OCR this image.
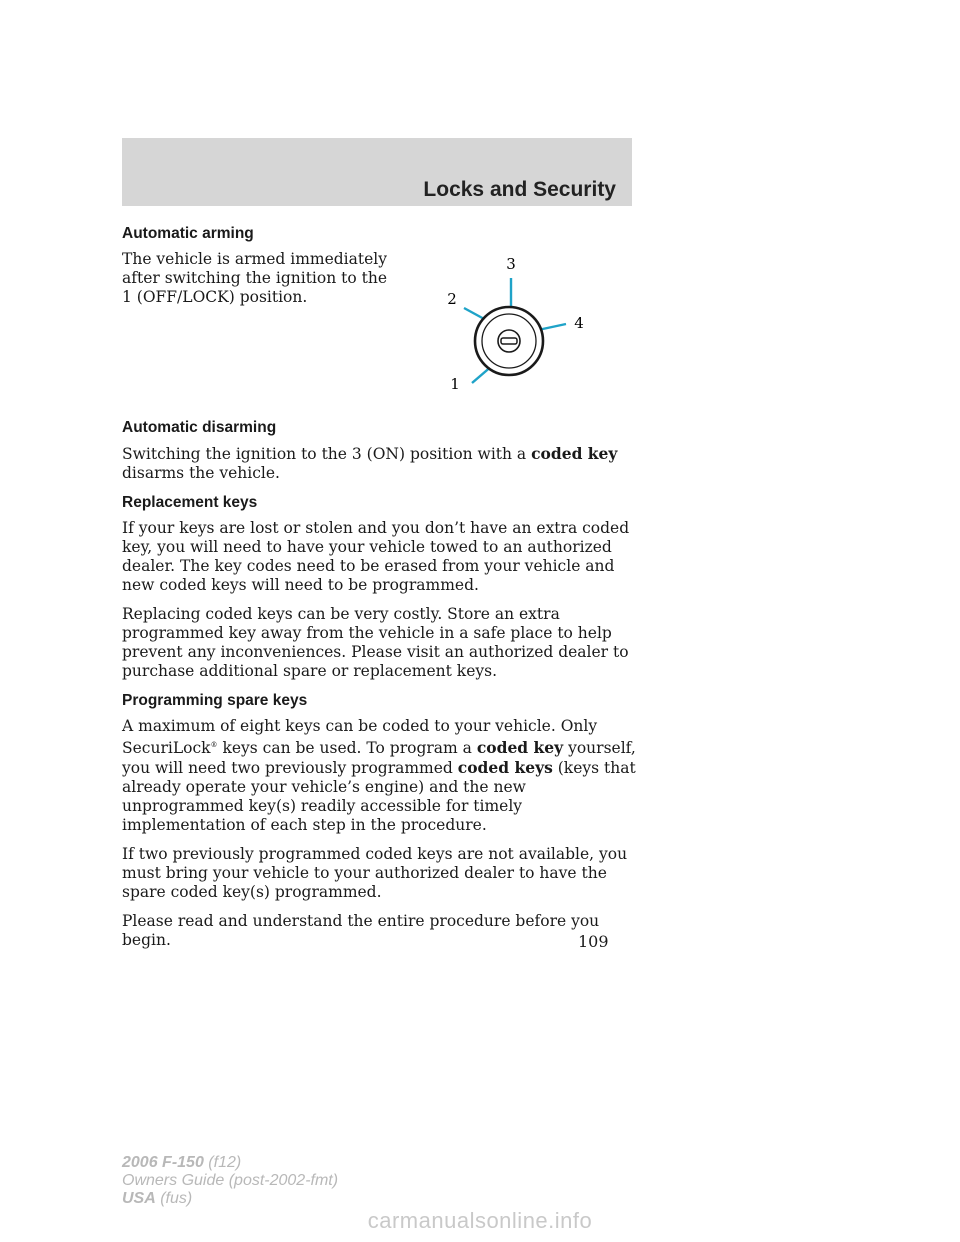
Locks and Security
Automatic arming
The vehicle is armed immediately after switching the ignition to the 1 (OFF/LOCK) position.
Automatic disarming
Switching the ignition to the 3 (ON) position with a coded key disarms the vehicle.
Replacement keys
If your keys are lost or stolen and you don’t have an extra coded key, you will need to have your vehicle towed to an authorized dealer. The key codes need to be erased from your vehicle and new coded keys will need to be programmed.
Replacing coded keys can be very costly. Store an extra programmed key away from the vehicle in a safe place to help prevent any inconveniences. Please visit an authorized dealer to purchase additional spare or replacement keys.
Programming spare keys
A maximum of eight keys can be coded to your vehicle. Only SecuriLock® keys can be used. To program a coded key yourself, you will need two previously programmed coded keys (keys that already operate your vehicle’s engine) and the new unprogrammed key(s) readily accessible for timely implementation of each step in the procedure.
If two previously programmed coded keys are not available, you must bring your vehicle to your authorized dealer to have the spare coded key(s) programmed.
Please read and understand the entire procedure before you begin.
3
2
4
1
109
2006 F-150 (f12)
Owners Guide (post-2002-fmt)
USA (fus)
carmanualsonline.info
